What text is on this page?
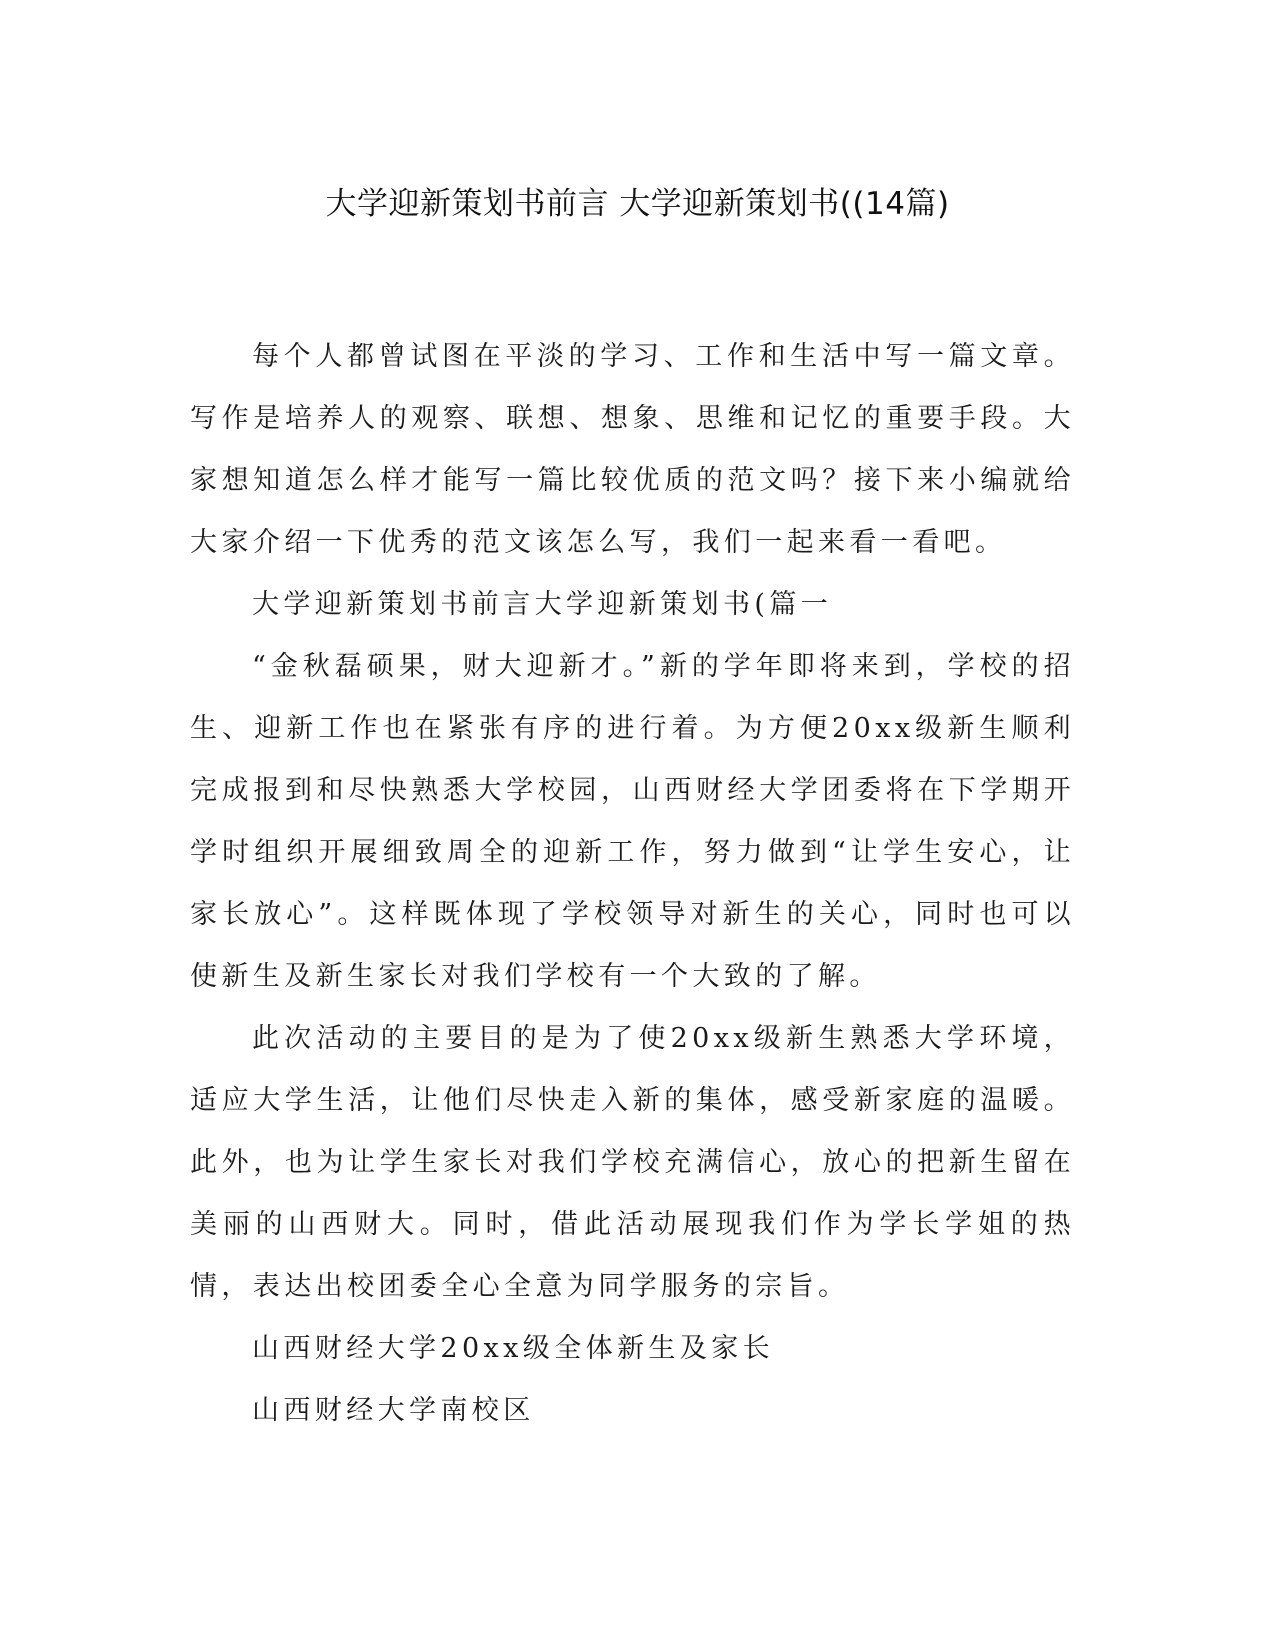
大学迎新策划书前言 大学迎新策划书((14篇)

每个人都曾试图在平淡的学习、工作和生活中写一篇文章。写作是培养人的观察、联想、想象、思维和记忆的重要手段。大家想知道怎么样才能写一篇比较优质的范文吗？接下来小编就给大家介绍一下优秀的范文该怎么写，我们一起来看一看吧。

大学迎新策划书前言大学迎新策划书(篇一

“金秋磊硕果，财大迎新才。”新的学年即将来到，学校的招生、迎新工作也在紧张有序的进行着。为方便20xx级新生顺利完成报到和尽快熟悉大学校园，山西财经大学团委将在下学期开学时组织开展细致周全的迎新工作，努力做到“让学生安心，让家长放心”。这样既体现了学校领导对新生的关心，同时也可以使新生及新生家长对我们学校有一个大致的了解。

此次活动的主要目的是为了使20xx级新生熟悉大学环境，适应大学生活，让他们尽快走入新的集体，感受新家庭的温暖。此外，也为让学生家长对我们学校充满信心，放心的把新生留在美丽的山西财大。同时，借此活动展现我们作为学长学姐的热情，表达出校团委全心全意为同学服务的宗旨。

山西财经大学20xx级全体新生及家长

山西财经大学南校区
